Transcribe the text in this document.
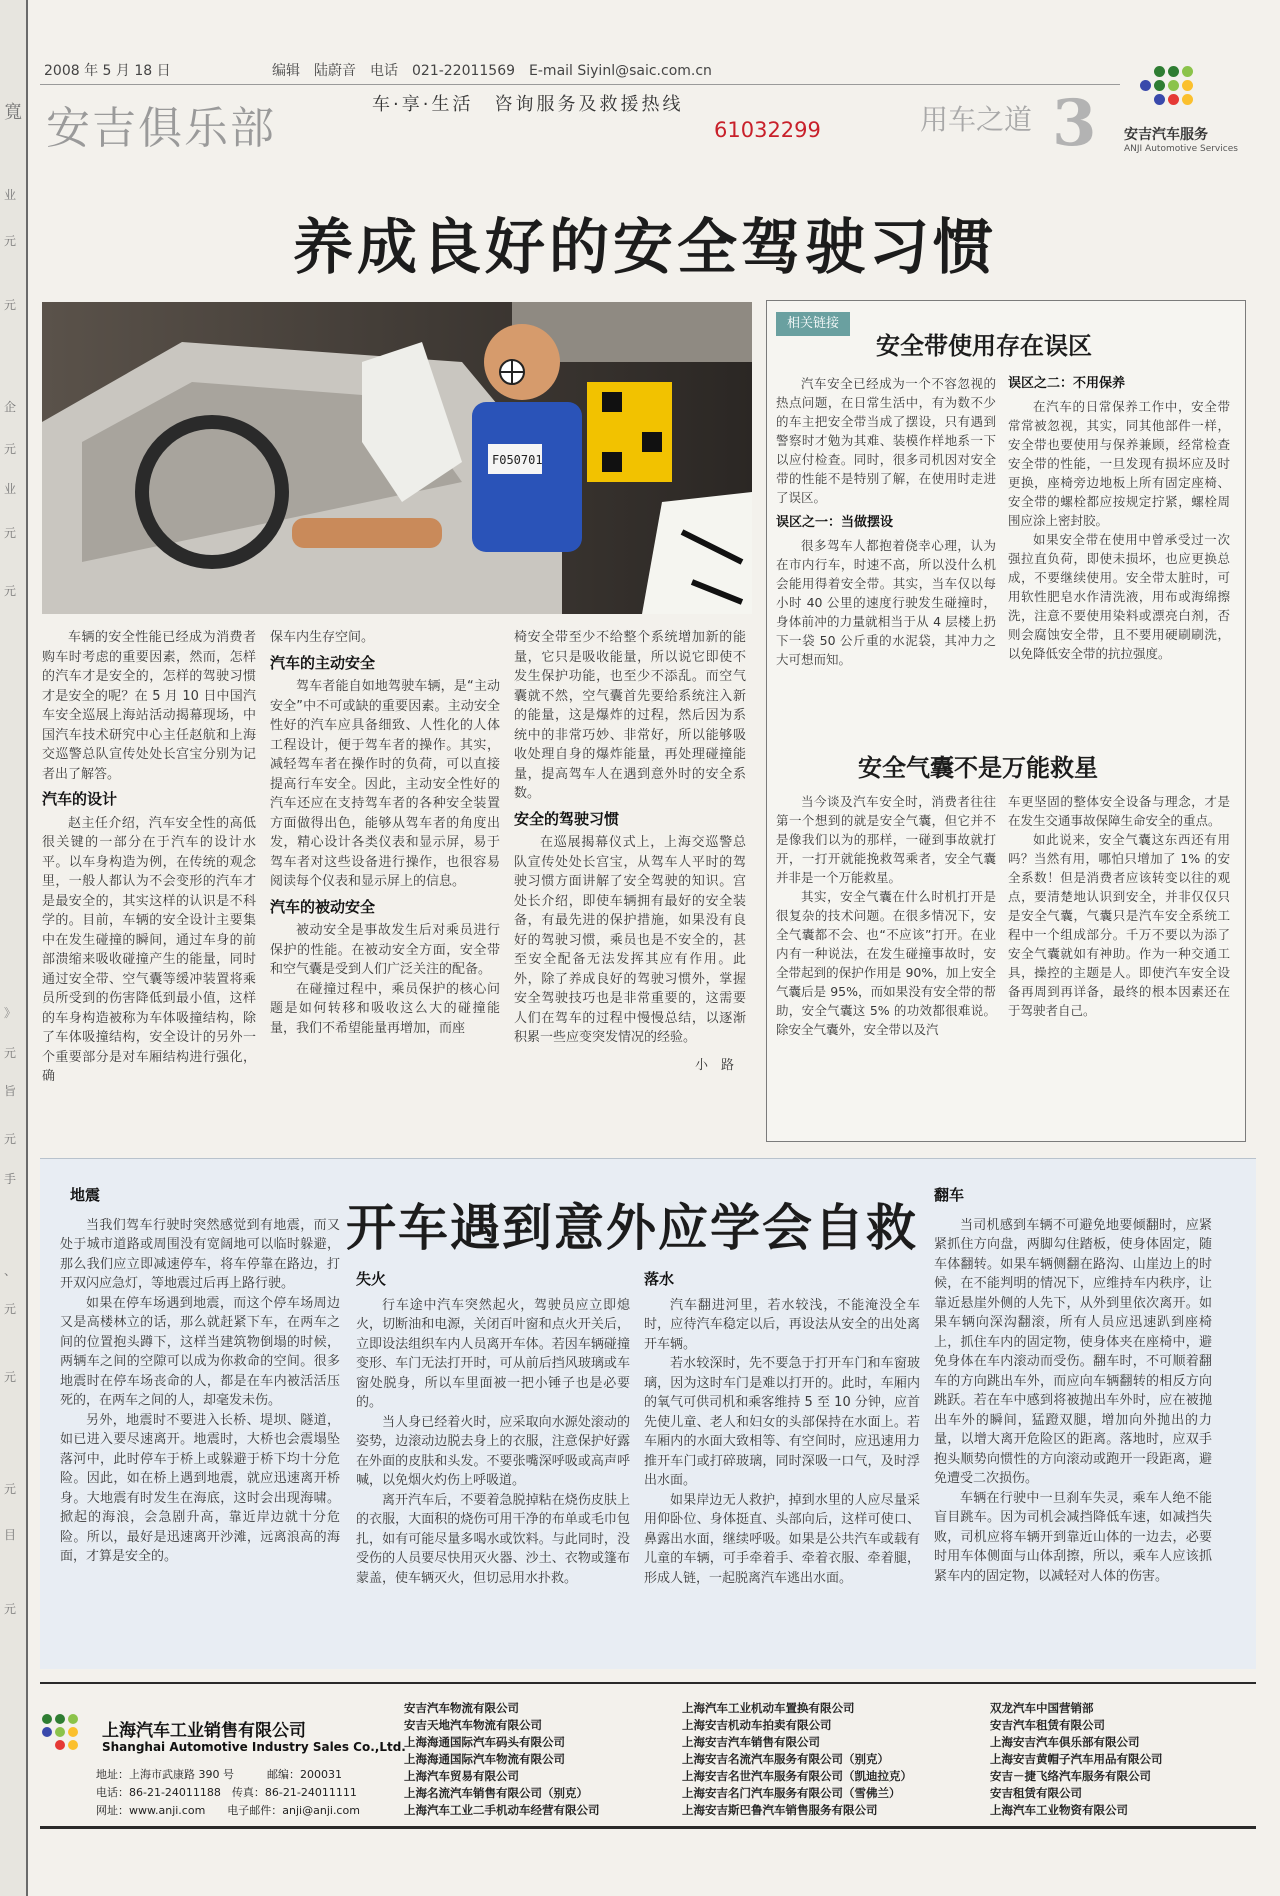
寬
业
元
元
企
元
业
元
元
》
元
旨
元
手
、
元
元
元
目
元
2008 年 5 月 18 日	编辑　陆蔚音　电话　021-22011569　E-mail Siyinl@saic.com.cn
安吉俱乐部	车·享·生活　咨询服务及救援热线
61032299	用车之道 3 安吉汽车服务
ANJI Automotive Services
养成良好的安全驾驶习惯
F050701

车辆的安全性能已经成为消费者购车时考虑的重要因素，然而，怎样的汽车才是安全的，怎样的驾驶习惯才是安全的呢？在 5 月 10 日中国汽车安全巡展上海站活动揭幕现场，中国汽车技术研究中心主任赵航和上海交巡警总队宣传处处长宫宝分别为记者出了解答。

汽车的设计

赵主任介绍，汽车安全性的高低很关键的一部分在于汽车的设计水平。以车身构造为例，在传统的观念里，一般人都认为不会变形的汽车才是最安全的，其实这样的认识是不科学的。目前，车辆的安全设计主要集中在发生碰撞的瞬间，通过车身的前部溃缩来吸收碰撞产生的能量，同时通过安全带、空气囊等缓冲装置将乘员所受到的伤害降低到最小值，这样的车身构造被称为车体吸撞结构，除了车体吸撞结构，安全设计的另外一个重要部分是对车厢结构进行强化，确

保车内生存空间。

汽车的主动安全

驾车者能自如地驾驶车辆，是“主动安全”中不可或缺的重要因素。主动安全性好的汽车应具备细致、人性化的人体工程设计，便于驾车者的操作。其实，减轻驾车者在操作时的负荷，可以直接提高行车安全。因此，主动安全性好的汽车还应在支持驾车者的各种安全装置方面做得出色，能够从驾车者的角度出发，精心设计各类仪表和显示屏，易于驾车者对这些设备进行操作，也很容易阅读每个仪表和显示屏上的信息。

汽车的被动安全

被动安全是事故发生后对乘员进行保护的性能。在被动安全方面，安全带和空气囊是受到人们广泛关注的配备。

在碰撞过程中，乘员保护的核心问题是如何转移和吸收这么大的碰撞能量，我们不希望能量再增加，而座

椅安全带至少不给整个系统增加新的能量，它只是吸收能量，所以说它即使不发生保护功能，也至少不添乱。而空气囊就不然，空气囊首先要给系统注入新的能量，这是爆炸的过程，然后因为系统中的非常巧妙、非常好，所以能够吸收处理自身的爆炸能量，再处理碰撞能量，提高驾车人在遇到意外时的安全系数。

安全的驾驶习惯

在巡展揭幕仪式上，上海交巡警总队宣传处处长宫宝，从驾车人平时的驾驶习惯方面讲解了安全驾驶的知识。宫处长介绍，即使车辆拥有最好的安全装备，有最先进的保护措施，如果没有良好的驾驶习惯，乘员也是不安全的，甚至安全配备无法发挥其应有作用。此外，除了养成良好的驾驶习惯外，掌握安全驾驶技巧也是非常重要的，这需要人们在驾车的过程中慢慢总结，以逐渐积累一些应变突发情况的经验。

小　路
相关链接
安全带使用存在误区

汽车安全已经成为一个不容忽视的热点问题，在日常生活中，有为数不少的车主把安全带当成了摆设，只有遇到警察时才勉为其难、装模作样地系一下以应付检查。同时，很多司机因对安全带的性能不是特别了解，在使用时走进了误区。

误区之一：当做摆设

很多驾车人都抱着侥幸心理，认为在市内行车，时速不高，所以没什么机会能用得着安全带。其实，当车仅以每小时 40 公里的速度行驶发生碰撞时，身体前冲的力量就相当于从 4 层楼上扔下一袋 50 公斤重的水泥袋，其冲力之大可想而知。

误区之二：不用保养

在汽车的日常保养工作中，安全带常常被忽视，其实，同其他部件一样，安全带也要使用与保养兼顾，经常检查安全带的性能，一旦发现有损坏应及时更换，座椅旁边地板上所有固定座椅、安全带的螺栓都应按规定拧紧，螺栓周围应涂上密封胶。

如果安全带在使用中曾承受过一次强拉直负荷，即使未损坏，也应更换总成，不要继续使用。安全带太脏时，可用软性肥皂水作清洗液，用布或海绵擦洗，注意不要使用染料或漂亮白剂，否则会腐蚀安全带，且不要用硬刷刷洗，以免降低安全带的抗拉强度。

安全气囊不是万能救星

当今谈及汽车安全时，消费者往往第一个想到的就是安全气囊，但它并不是像我们以为的那样，一碰到事故就打开，一打开就能挽救驾乘者，安全气囊并非是一个万能救星。

其实，安全气囊在什么时机打开是很复杂的技术问题。在很多情况下，安全气囊都不会、也“不应该”打开。在业内有一种说法，在发生碰撞事故时，安全带起到的保护作用是 90%，加上安全气囊后是 95%，而如果没有安全带的帮助，安全气囊这 5% 的功效都很难说。除安全气囊外，安全带以及汽

车更坚固的整体安全设备与理念，才是在发生交通事故保障生命安全的重点。

如此说来，安全气囊这东西还有用吗？当然有用，哪怕只增加了 1% 的安全系数！但是消费者应该转变以往的观点，要清楚地认识到安全，并非仅仅只是安全气囊，气囊只是汽车安全系统工程中一个组成部分。千万不要以为添了安全气囊就如有神助。作为一种交通工具，操控的主题是人。即使汽车安全设备再周到再详备，最终的根本因素还在于驾驶者自己。

开车遇到意外应学会自救
地震

当我们驾车行驶时突然感觉到有地震，而又处于城市道路或周围没有宽阔地可以临时躲避，那么我们应立即减速停车，将车停靠在路边，打开双闪应急灯，等地震过后再上路行驶。

如果在停车场遇到地震，而这个停车场周边又是高楼林立的话，那么就赶紧下车，在两车之间的位置抱头蹲下，这样当建筑物倒塌的时候，两辆车之间的空隙可以成为你救命的空间。很多地震时在停车场丧命的人，都是在车内被活活压死的，在两车之间的人，却毫发未伤。

另外，地震时不要进入长桥、堤坝、隧道，如已进入要尽速离开。地震时，大桥也会震塌坠落河中，此时停车于桥上或躲避于桥下均十分危险。因此，如在桥上遇到地震，就应迅速离开桥身。大地震有时发生在海底，这时会出现海啸。掀起的海浪，会急剧升高，靠近岸边就十分危险。所以，最好是迅速离开沙滩，远离浪高的海面，才算是安全的。

失火

行车途中汽车突然起火，驾驶员应立即熄火，切断油和电源，关闭百叶窗和点火开关后，立即设法组织车内人员离开车体。若因车辆碰撞变形、车门无法打开时，可从前后挡风玻璃或车窗处脱身，所以车里面被一把小锤子也是必要的。

当人身已经着火时，应采取向水源处滚动的姿势，边滚动边脱去身上的衣服，注意保护好露在外面的皮肤和头发。不要张嘴深呼吸或高声呼喊，以免烟火灼伤上呼吸道。

离开汽车后，不要着急脱掉粘在烧伤皮肤上的衣服，大面积的烧伤可用干净的布单或毛巾包扎，如有可能尽量多喝水或饮料。与此同时，没受伤的人员要尽快用灭火器、沙土、衣物或篷布蒙盖，使车辆灭火，但切忌用水扑救。

落水

汽车翻进河里，若水较浅，不能淹没全车时，应待汽车稳定以后，再设法从安全的出处离开车辆。

若水较深时，先不要急于打开车门和车窗玻璃，因为这时车门是难以打开的。此时，车厢内的氧气可供司机和乘客维持 5 至 10 分钟，应首先使儿童、老人和妇女的头部保持在水面上。若车厢内的水面大致相等、有空间时，应迅速用力推开车门或打碎玻璃，同时深吸一口气，及时浮出水面。

如果岸边无人救护，掉到水里的人应尽量采用仰卧位、身体挺直、头部向后，这样可使口、鼻露出水面，继续呼吸。如果是公共汽车或载有儿童的车辆，可手牵着手、牵着衣服、牵着腿，形成人链，一起脱离汽车逃出水面。

翻车

当司机感到车辆不可避免地要倾翻时，应紧紧抓住方向盘，两脚勾住踏板，使身体固定，随车体翻转。如果车辆侧翻在路沟、山崖边上的时候，在不能判明的情况下，应维持车内秩序，让靠近悬崖外侧的人先下，从外到里依次离开。如果车辆向深沟翻滚，所有人员应迅速趴到座椅上，抓住车内的固定物，使身体夹在座椅中，避免身体在车内滚动而受伤。翻车时，不可顺着翻车的方向跳出车外，而应向车辆翻转的相反方向跳跃。若在车中感到将被抛出车外时，应在被抛出车外的瞬间，猛蹬双腿，增加向外抛出的力量，以增大离开危险区的距离。落地时，应双手抱头顺势向惯性的方向滚动或跑开一段距离，避免遭受二次损伤。

车辆在行驶中一旦刹车失灵，乘车人绝不能盲目跳车。因为司机会减挡降低车速，如减挡失败，司机应将车辆开到靠近山体的一边去，必要时用车体侧面与山体刮擦，所以，乘车人应该抓紧车内的固定物，以减轻对人体的伤害。

上海汽车工业销售有限公司
Shanghai Automotive Industry Sales Co.,Ltd.
地址：上海市武康路 390 号　　　邮编：200031
电话：86-21-24011188　传真：86-21-24011111
网址：www.anji.com　　电子邮件：anji@anji.com
安吉汽车物流有限公司
安吉天地汽车物流有限公司
上海海通国际汽车码头有限公司
上海海通国际汽车物流有限公司
上海汽车贸易有限公司
上海名流汽车销售有限公司（别克）
上海汽车工业二手机动车经营有限公司
上海汽车工业机动车置换有限公司
上海安吉机动车拍卖有限公司
上海安吉汽车销售有限公司
上海安吉名流汽车服务有限公司（别克）
上海安吉名世汽车服务有限公司（凯迪拉克）
上海安吉名门汽车服务有限公司（雪佛兰）
上海安吉斯巴鲁汽车销售服务有限公司
双龙汽车中国营销部
安吉汽车租赁有限公司
上海安吉汽车俱乐部有限公司
上海安吉黄帽子汽车用品有限公司
安吉－捷飞络汽车服务有限公司
安吉租赁有限公司
上海汽车工业物资有限公司
